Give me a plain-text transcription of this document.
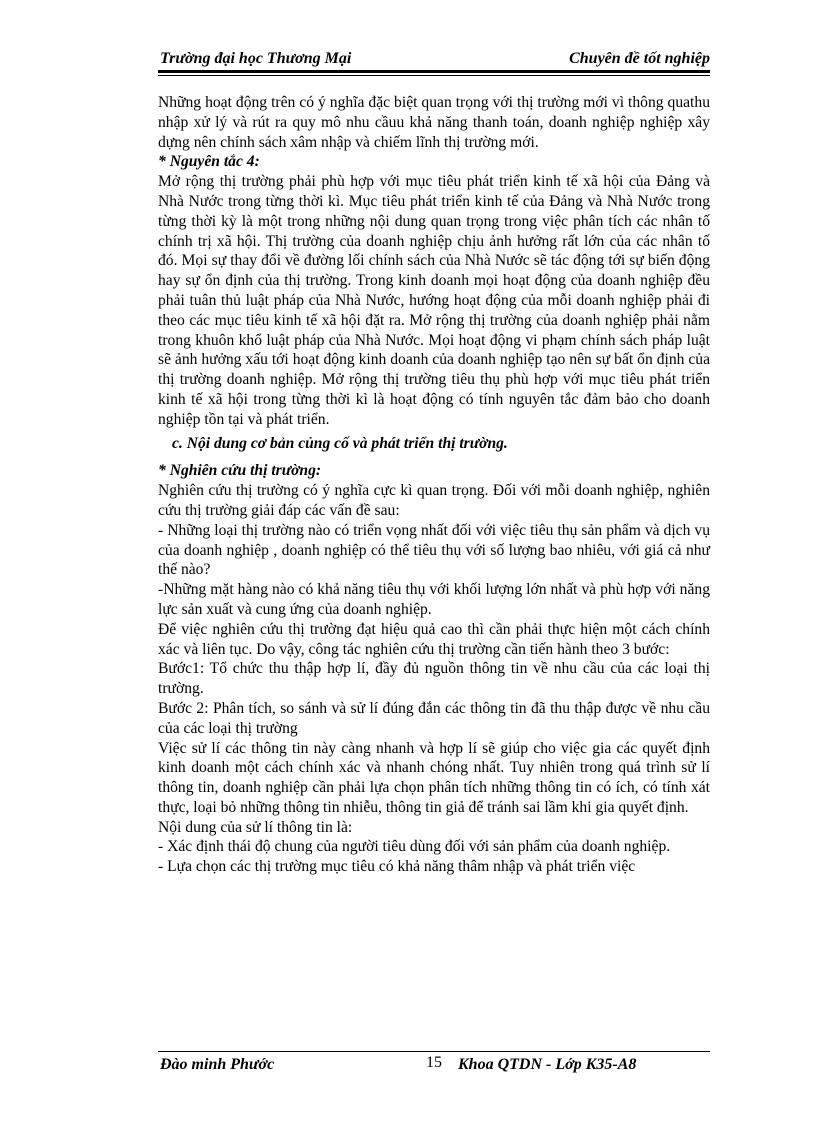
Trường đại học Thương Mại	Chuyên đề tốt nghiệp

Những hoạt động trên có ý nghĩa đặc biệt quan trọng với thị trường mới vì thông quathu nhập xử lý và rút ra quy mô nhu cầuu khả năng thanh toán, doanh nghiệp nghiệp xây dựng nên chính sách xâm nhập và chiếm lĩnh thị trường mới.

* Nguyên tắc 4:

Mở rộng thị trường phải phù hợp với mục tiêu phát triển kinh tế xã hội của Đảng và Nhà Nước trong từng thời kì. Mục tiêu phát triển kinh tế của Đảng và Nhà Nước trong từng thời kỳ là một trong những nội dung quan trọng trong việc phân tích các nhân tố chính trị xã hội. Thị trường của doanh nghiệp chịu ảnh hưởng rất lớn của các nhân tố đó. Mọi sự thay đổi về đường lối chính sách của Nhà Nước sẽ tác động tới sự biến động hay sự ổn định của thị trường. Trong kinh doanh mọi hoạt động của doanh nghiệp đều phải tuân thủ luật pháp của Nhà Nước, hướng hoạt động của mỗi doanh nghiệp phải đi theo các mục tiêu kinh tế xã hội đặt ra. Mở rộng thị trường của doanh nghiệp phải nằm trong khuôn khổ luật pháp của Nhà Nước. Mọi hoạt động vi phạm chính sách pháp luật sẽ ảnh hưởng xấu tới hoạt động kinh doanh của doanh nghiệp tạo nên sự bất ổn định của thị trường doanh nghiệp. Mở rộng thị trường tiêu thụ phù hợp với mục tiêu phát triển kinh tế xã hội trong từng thời kì là hoạt động có tính nguyên tắc đảm bảo cho doanh nghiệp tồn tại và phát triển.

c. Nội dung cơ bản củng cố và phát triển thị trường.

* Nghiên cứu thị trường:

Nghiên cứu thị trường có ý nghĩa cực kì quan trọng. Đối với mỗi doanh nghiệp, nghiên cứu thị trường giải đáp các vấn đề sau:

- Những loại thị trường nào có triển vọng nhất đối với việc tiêu thụ sản phẩm và dịch vụ của doanh nghiệp , doanh nghiệp có thể tiêu thụ với số lượng bao nhiêu, với giá cả như thế nào?

-Những mặt hàng nào có khả năng tiêu thụ với khối lượng lớn nhất và phù hợp với năng lực sản xuất và cung ứng của doanh nghiệp.

Để việc nghiên cứu thị trường đạt hiệu quả cao thì cần phải thực hiện một cách chính xác và liên tục. Do vậy, công tác nghiên cứu thị trường cần tiến hành theo 3 bước:

Bước1: Tổ chức thu thập hợp lí, đầy đủ nguồn thông tin về nhu cầu của các loại thị trường.

Bước 2: Phân tích, so sánh và sử lí đúng đắn các thông tin đã thu thập được về nhu cầu của các loại thị trường

Việc sử lí các thông tin này càng nhanh và hợp lí sẽ giúp cho việc gia các quyết định kinh doanh một cách chính xác và nhanh chóng nhất. Tuy nhiên trong quá trình sử lí thông tin, doanh nghiệp cần phải lựa chọn phân tích những thông tin có ích, có tính xát thực, loại bỏ những thông tin nhiễu, thông tin giả để tránh sai lầm khi gia quyết định.

Nội dung của sử lí thông tin là:

- Xác định thái độ chung của người tiêu dùng đối với sản phẩm của doanh nghiệp.

- Lựa chọn các thị trường mục tiêu có khả năng thâm nhập và phát triển việc

Đào minh Phước	15 Khoa QTDN - Lớp K35-A8
